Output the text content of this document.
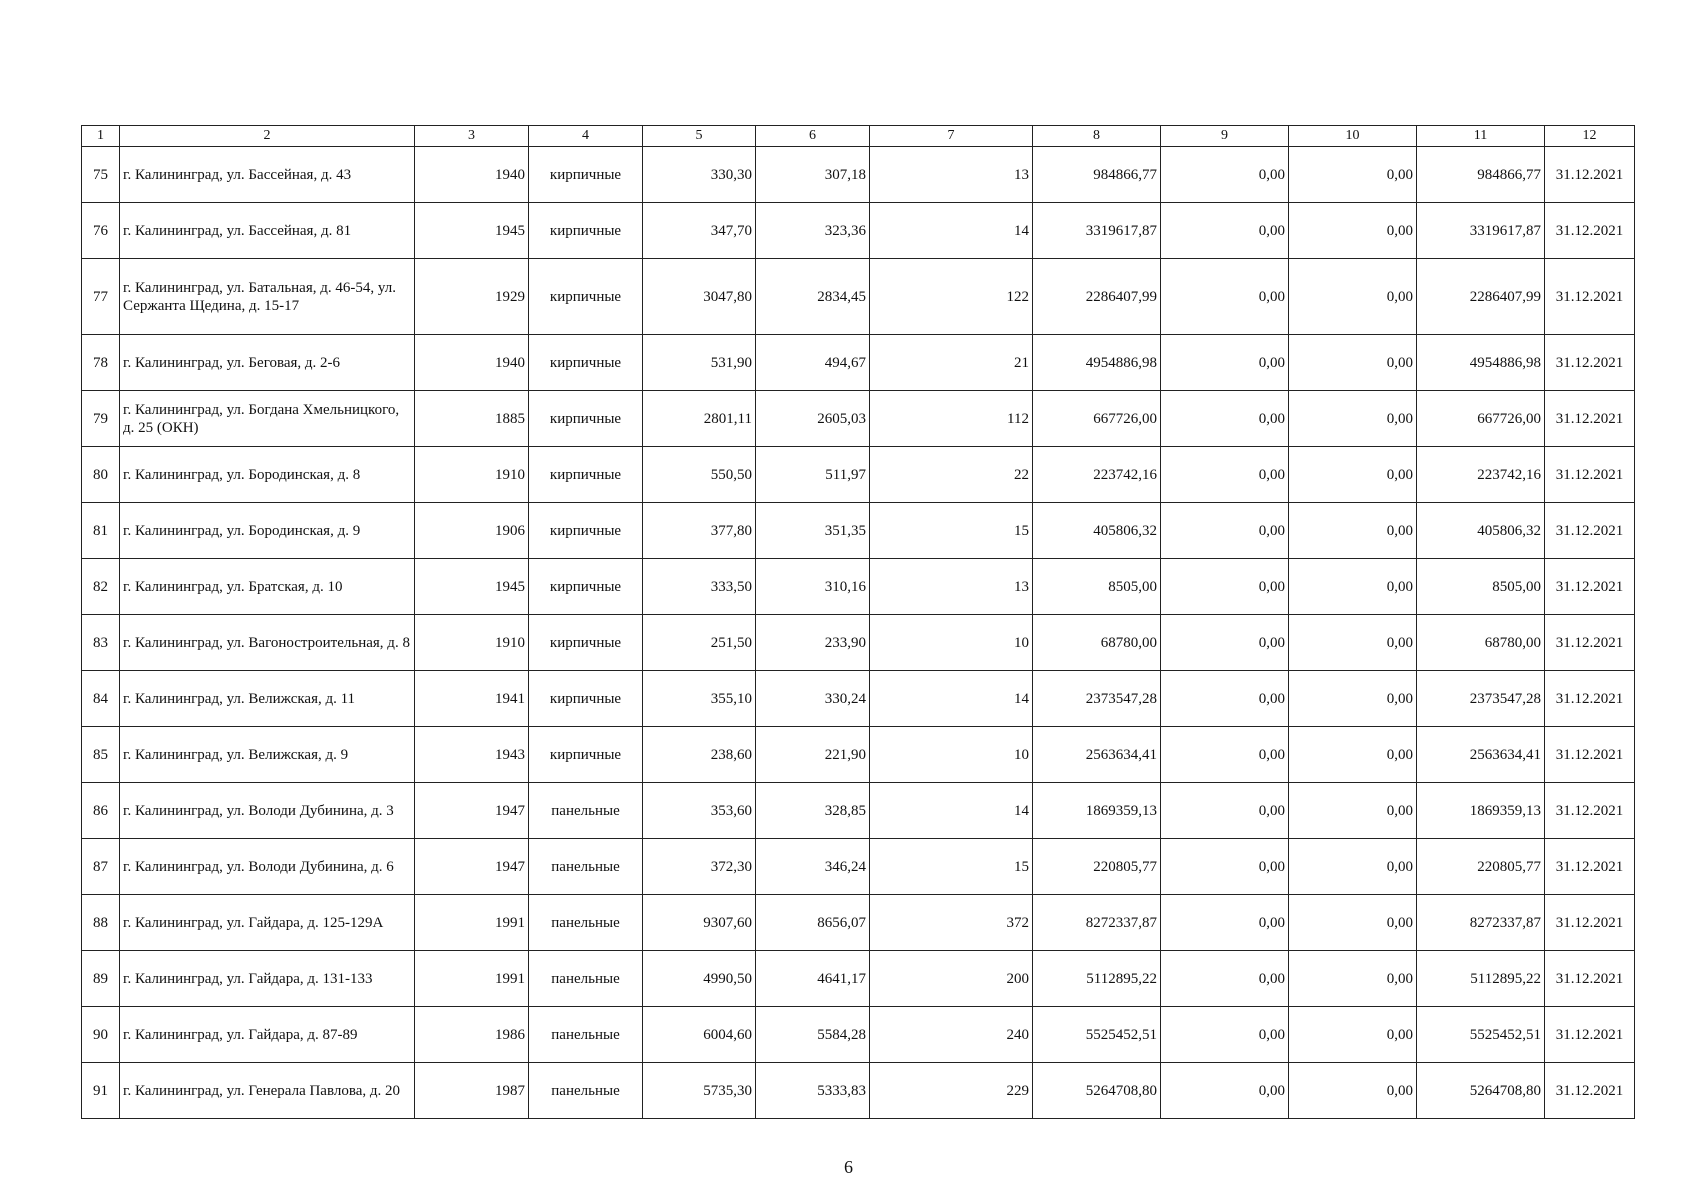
1	2	3	4	5	6	7	8	9	10	11	12
75	г. Калининград, ул. Бассейная, д. 43	1940	кирпичные	330,30	307,18	13	984866,77	0,00	0,00	984866,77	31.12.2021
76	г. Калининград, ул. Бассейная, д. 81	1945	кирпичные	347,70	323,36	14	3319617,87	0,00	0,00	3319617,87	31.12.2021
77	г. Калининград, ул. Батальная, д. 46-54, ул. Сержанта Щедина, д. 15-17	1929	кирпичные	3047,80	2834,45	122	2286407,99	0,00	0,00	2286407,99	31.12.2021
78	г. Калининград, ул. Беговая, д. 2-6	1940	кирпичные	531,90	494,67	21	4954886,98	0,00	0,00	4954886,98	31.12.2021
79	г. Калининград, ул. Богдана Хмельницкого, д. 25 (ОКН)	1885	кирпичные	2801,11	2605,03	112	667726,00	0,00	0,00	667726,00	31.12.2021
80	г. Калининград, ул. Бородинская, д. 8	1910	кирпичные	550,50	511,97	22	223742,16	0,00	0,00	223742,16	31.12.2021
81	г. Калининград, ул. Бородинская, д. 9	1906	кирпичные	377,80	351,35	15	405806,32	0,00	0,00	405806,32	31.12.2021
82	г. Калининград, ул. Братская, д. 10	1945	кирпичные	333,50	310,16	13	8505,00	0,00	0,00	8505,00	31.12.2021
83	г. Калининград, ул. Вагоностроительная, д. 8	1910	кирпичные	251,50	233,90	10	68780,00	0,00	0,00	68780,00	31.12.2021
84	г. Калининград, ул. Велижская, д. 11	1941	кирпичные	355,10	330,24	14	2373547,28	0,00	0,00	2373547,28	31.12.2021
85	г. Калининград, ул. Велижская, д. 9	1943	кирпичные	238,60	221,90	10	2563634,41	0,00	0,00	2563634,41	31.12.2021
86	г. Калининград, ул. Володи Дубинина, д. 3	1947	панельные	353,60	328,85	14	1869359,13	0,00	0,00	1869359,13	31.12.2021
87	г. Калининград, ул. Володи Дубинина, д. 6	1947	панельные	372,30	346,24	15	220805,77	0,00	0,00	220805,77	31.12.2021
88	г. Калининград, ул. Гайдара, д. 125-129А	1991	панельные	9307,60	8656,07	372	8272337,87	0,00	0,00	8272337,87	31.12.2021
89	г. Калининград, ул. Гайдара, д. 131-133	1991	панельные	4990,50	4641,17	200	5112895,22	0,00	0,00	5112895,22	31.12.2021
90	г. Калининград, ул. Гайдара, д. 87-89	1986	панельные	6004,60	5584,28	240	5525452,51	0,00	0,00	5525452,51	31.12.2021
91	г. Калининград, ул. Генерала Павлова, д. 20	1987	панельные	5735,30	5333,83	229	5264708,80	0,00	0,00	5264708,80	31.12.2021
6
